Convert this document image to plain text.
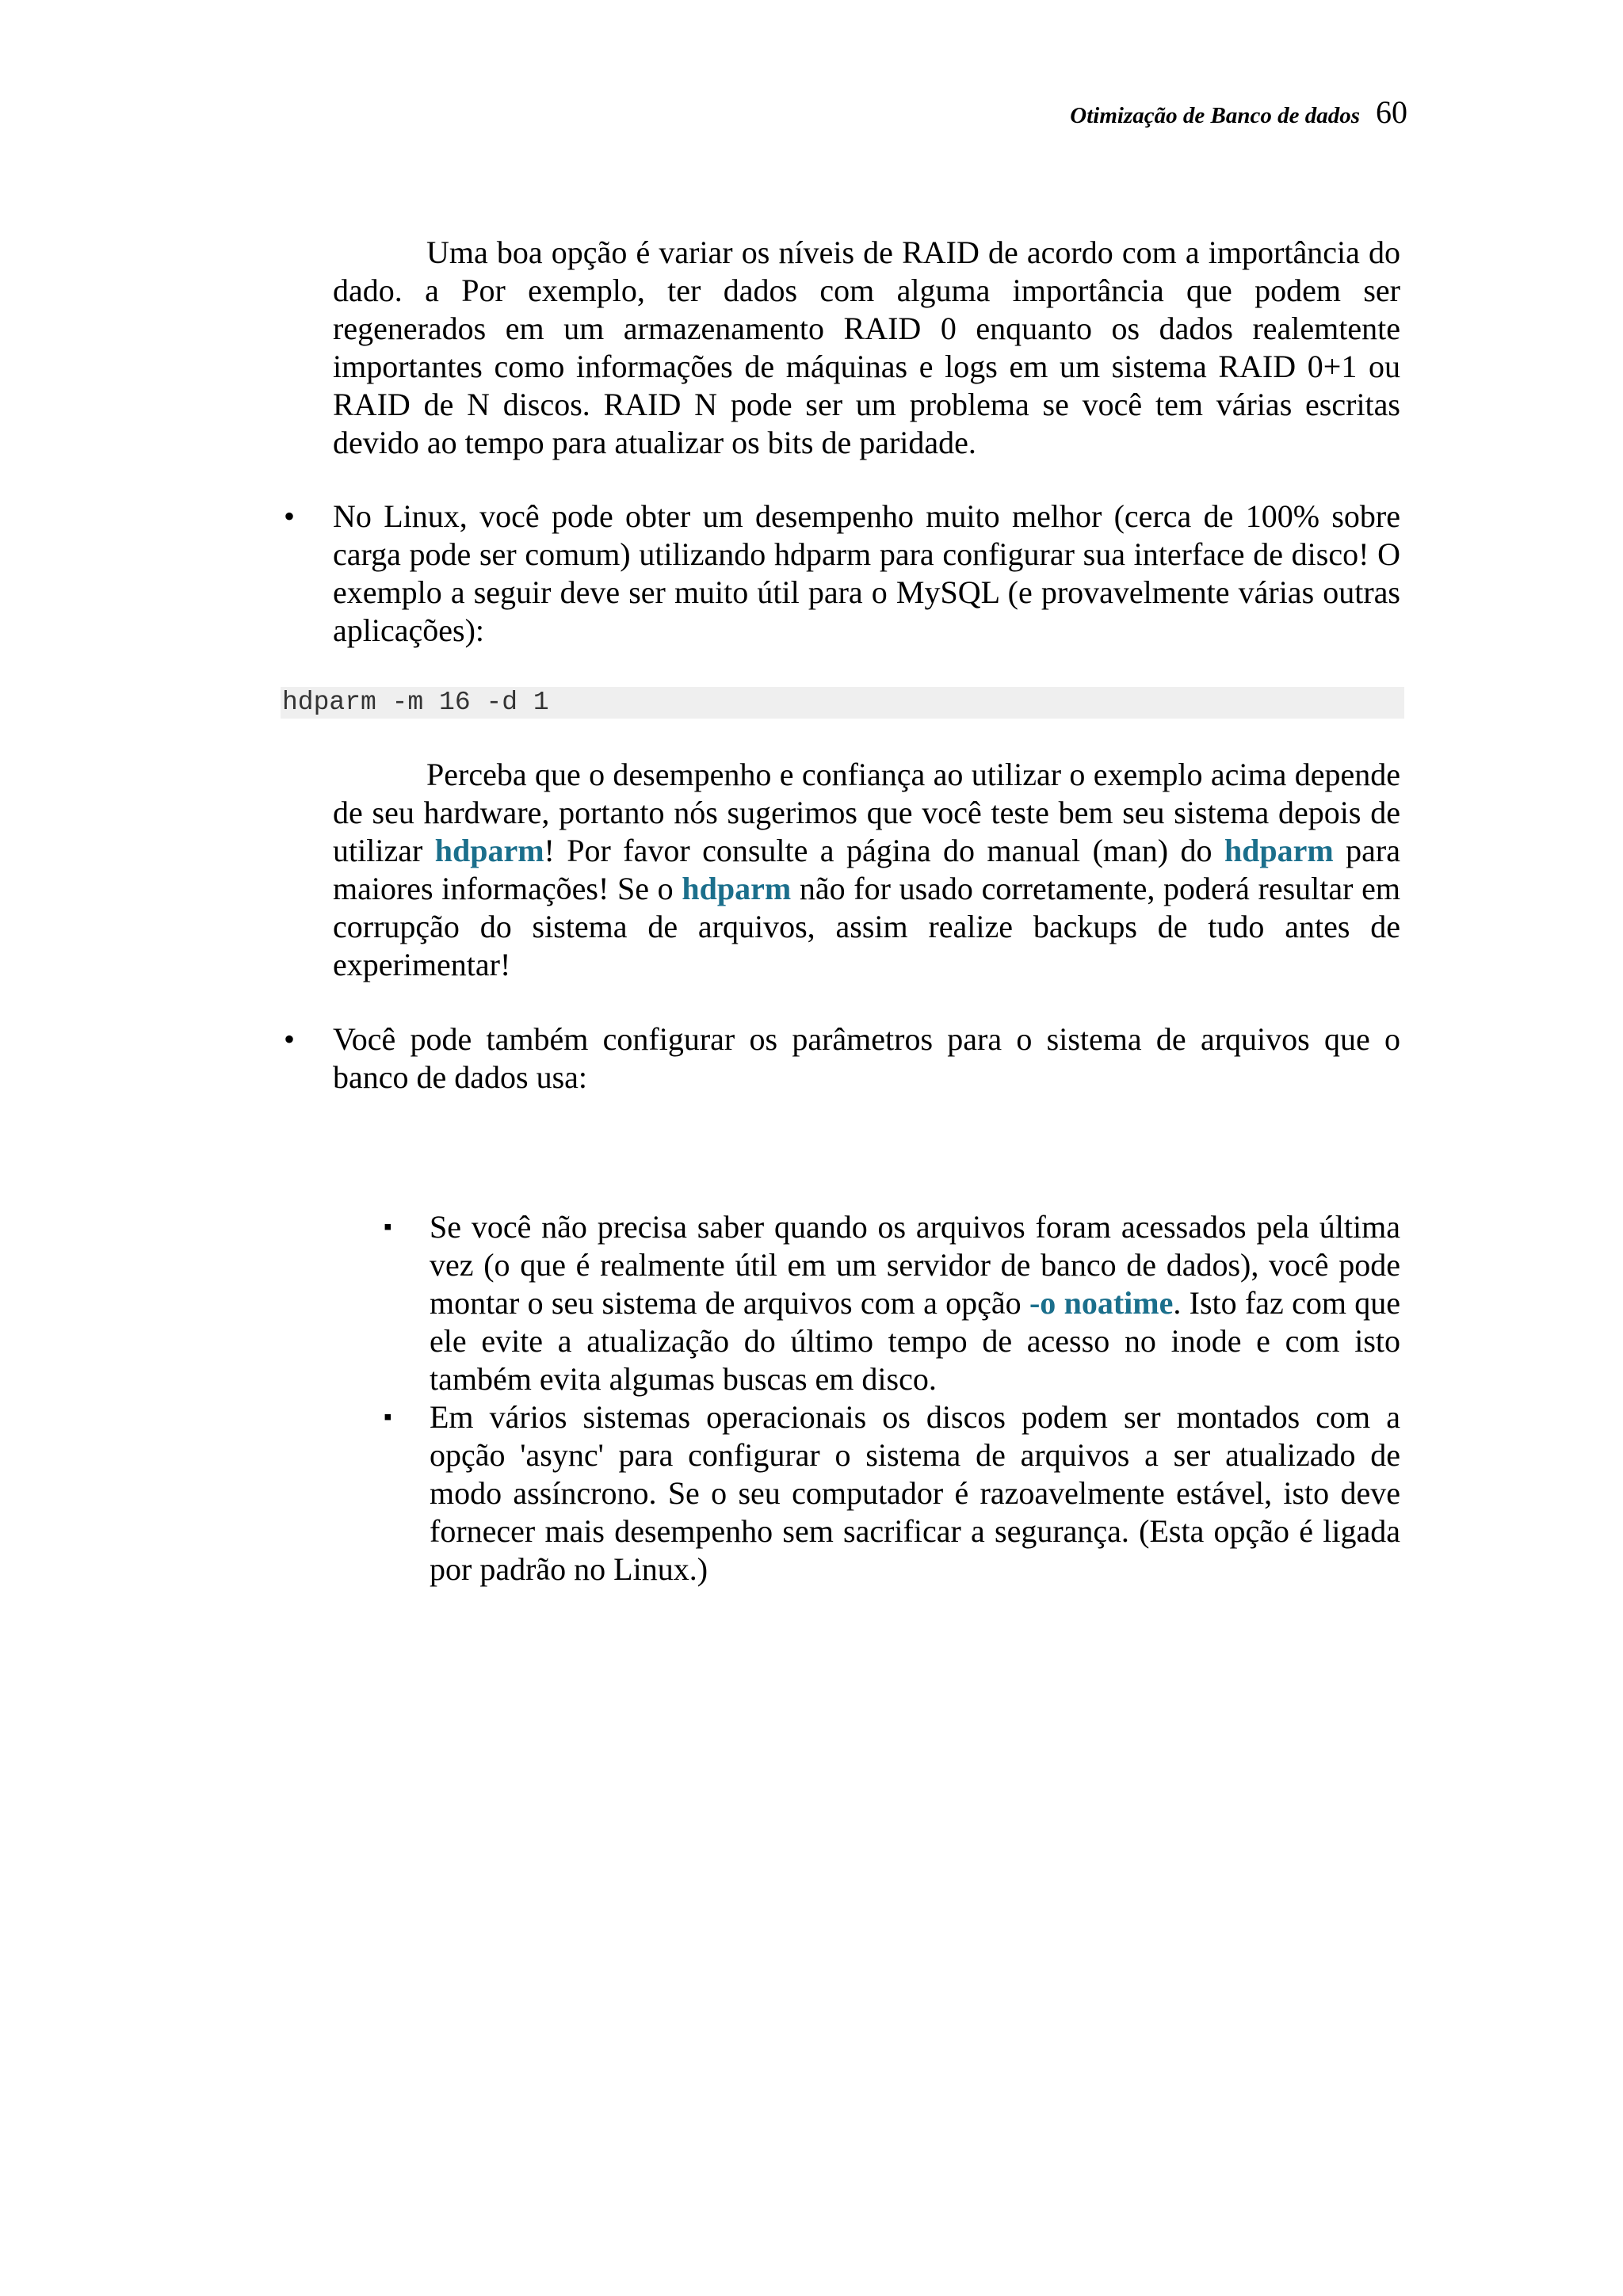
Otimização de Banco de dados 60

Uma boa opção é variar os níveis de RAID de acordo com a importância do dado. a Por exemplo, ter dados com alguma importância que podem ser regenerados em um armazenamento RAID 0 enquanto os dados realemtente importantes como informações de máquinas e logs em um sistema RAID 0+1 ou RAID de N discos. RAID N pode ser um problema se você tem várias escritas devido ao tempo para atualizar os bits de paridade.

•	No Linux, você pode obter um desempenho muito melhor (cerca de 100% sobre carga pode ser comum) utilizando hdparm para configurar sua interface de disco! O exemplo a seguir deve ser muito útil para o MySQL (e provavelmente várias outras aplicações):
hdparm -m 16 -d 1

Perceba que o desempenho e confiança ao utilizar o exemplo acima depende de seu hardware, portanto nós sugerimos que você teste bem seu sistema depois de utilizar hdparm! Por favor consulte a página do manual (man) do hdparm para maiores informações! Se o hdparm não for usado corretamente, poderá resultar em corrupção do sistema de arquivos, assim realize backups de tudo antes de experimentar!

•	Você pode também configurar os parâmetros para o sistema de arquivos que o banco de dados usa:
▪	Se você não precisa saber quando os arquivos foram acessados pela última vez (o que é realmente útil em um servidor de banco de dados), você pode montar o seu sistema de arquivos com a opção -o noatime. Isto faz com que ele evite a atualização do último tempo de acesso no inode e com isto também evita algumas buscas em disco.
▪	Em vários sistemas operacionais os discos podem ser montados com a opção 'async' para configurar o sistema de arquivos a ser atualizado de modo assíncrono. Se o seu computador é razoavelmente estável, isto deve fornecer mais desempenho sem sacrificar a segurança. (Esta opção é ligada por padrão no Linux.)
